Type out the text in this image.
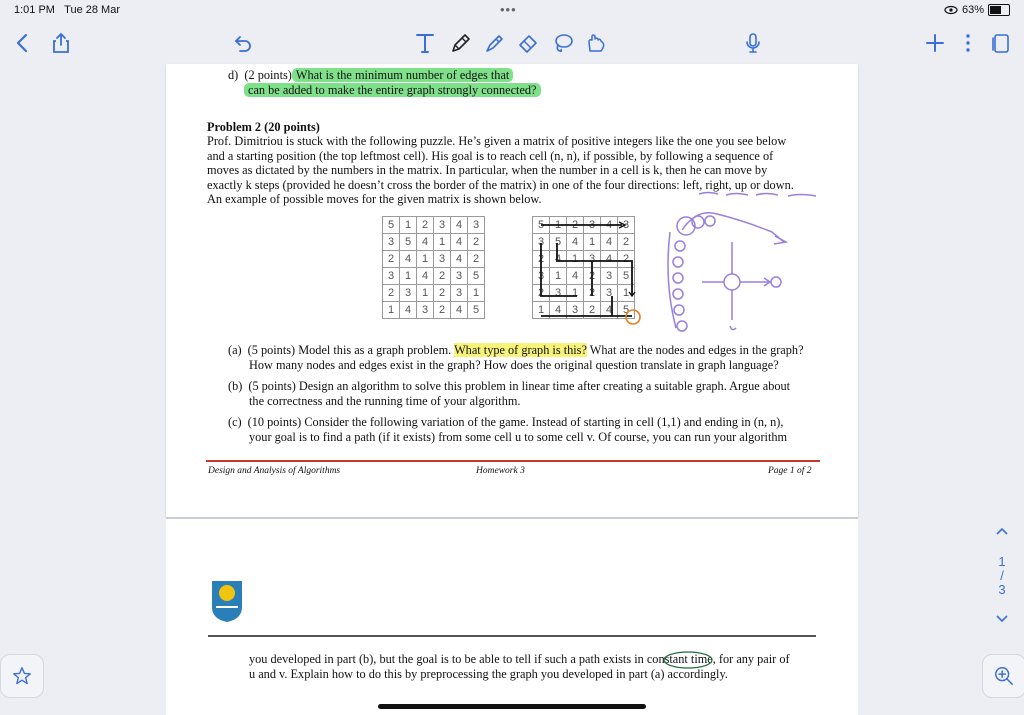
1:01 PM Tue 28 Mar	•••	63%
d) (2 points) What is the minimum number of edges that
can be added to make the entire graph strongly connected?
Problem 2 (20 points)
Prof. Dimitriou is stuck with the following puzzle. He’s given a matrix of positive integers like the one you see below
and a starting position (the top leftmost cell). His goal is to reach cell (n, n), if possible, by following a sequence of
moves as dictated by the numbers in the matrix. In particular, when the number in a cell is k, then he can move by
exactly k steps (provided he doesn’t cross the border of the matrix) in one of the four directions: left, right, up or down.
An example of possible moves for the given matrix is shown below.
5	1	2	3	4	3
3	5	4	1	4	2
2	4	1	3	4	2
3	1	4	2	3	5
2	3	1	2	3	1
1	4	3	2	4	5
5	1	2	3	4	3
3	5	4	1	4	2
2	4	1	3	4	2
3	1	4	2	3	5
2	3	1	2	3	1
1	4	3	2	4	5
(a) (5 points) Model this as a graph problem. What type of graph is this? What are the nodes and edges in the graph?
How many nodes and edges exist in the graph? How does the original question translate in graph language?
(b) (5 points) Design an algorithm to solve this problem in linear time after creating a suitable graph. Argue about
the correctness and the running time of your algorithm.
(c) (10 points) Consider the following variation of the game. Instead of starting in cell (1,1) and ending in (n, n),
your goal is to find a path (if it exists) from some cell u to some cell v. Of course, you can run your algorithm
Design and Analysis of Algorithms	Homework 3	Page 1 of 2
you developed in part (b), but the goal is to be able to tell if such a path exists in constant time, for any pair of
u and v. Explain how to do this by preprocessing the graph you developed in part (a) accordingly.
1
/
3
